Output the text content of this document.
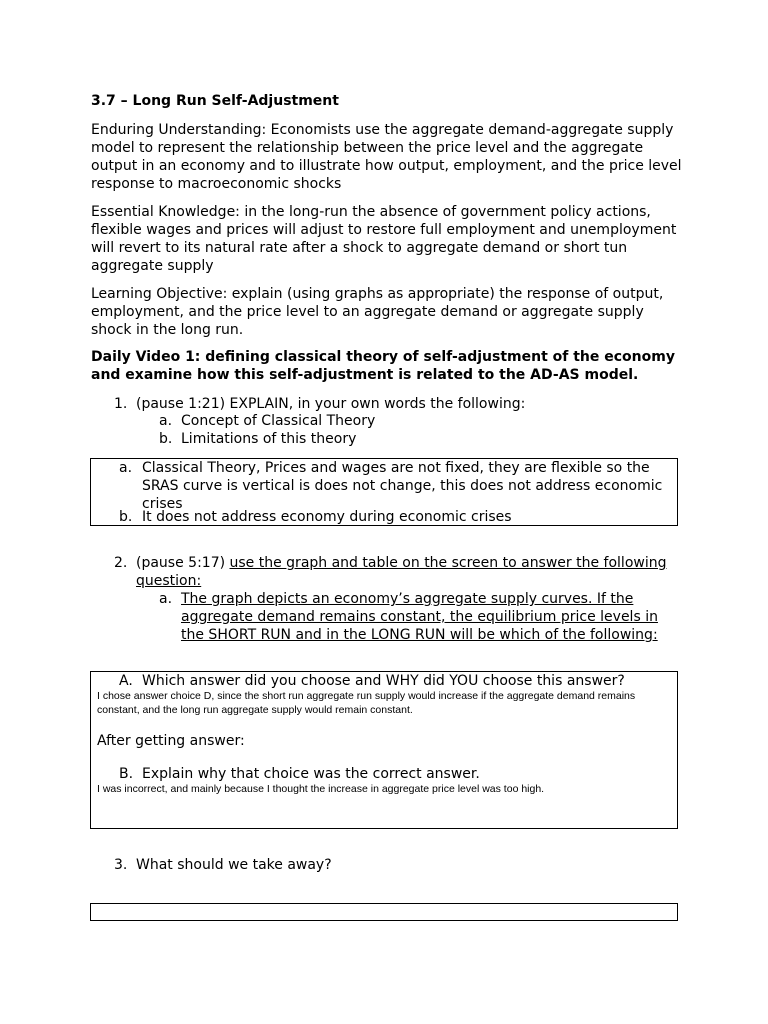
3.7 – Long Run Self-Adjustment

Enduring Understanding: Economists use the aggregate demand-aggregate supply model to represent the relationship between the price level and the aggregate output in an economy and to illustrate how output, employment, and the price level response to macroeconomic shocks

Essential Knowledge: in the long-run the absence of government policy actions, flexible wages and prices will adjust to restore full employment and unemployment will revert to its natural rate after a shock to aggregate demand or short tun aggregate supply

Learning Objective: explain (using graphs as appropriate) the response of output, employment, and the price level to an aggregate demand or aggregate supply shock in the long run.

Daily Video 1: defining classical theory of self-adjustment of the economy and examine how this self-adjustment is related to the AD-AS model.

1. (pause 1:21) EXPLAIN, in your own words the following:
a. Concept of Classical Theory
b. Limitations of this theory
a. Classical Theory, Prices and wages are not fixed, they are flexible so the SRAS curve is vertical is does not change, this does not address economic crises
b. It does not address economy during economic crises
2. (pause 5:17) use the graph and table on the screen to answer the following question:

a. The graph depicts an economy’s aggregate supply curves. If the aggregate demand remains constant, the equilibrium price levels in the SHORT RUN and in the LONG RUN will be which of the following:

A. Which answer did you choose and WHY did YOU choose this answer?

I chose answer choice D, since the short run aggregate run supply would increase if the aggregate demand remains constant, and the long run aggregate supply would remain constant.

After getting answer:
B. Explain why that choice was the correct answer.

I was incorrect, and mainly because I thought the increase in aggregate price level was too high.

3. What should we take away?
